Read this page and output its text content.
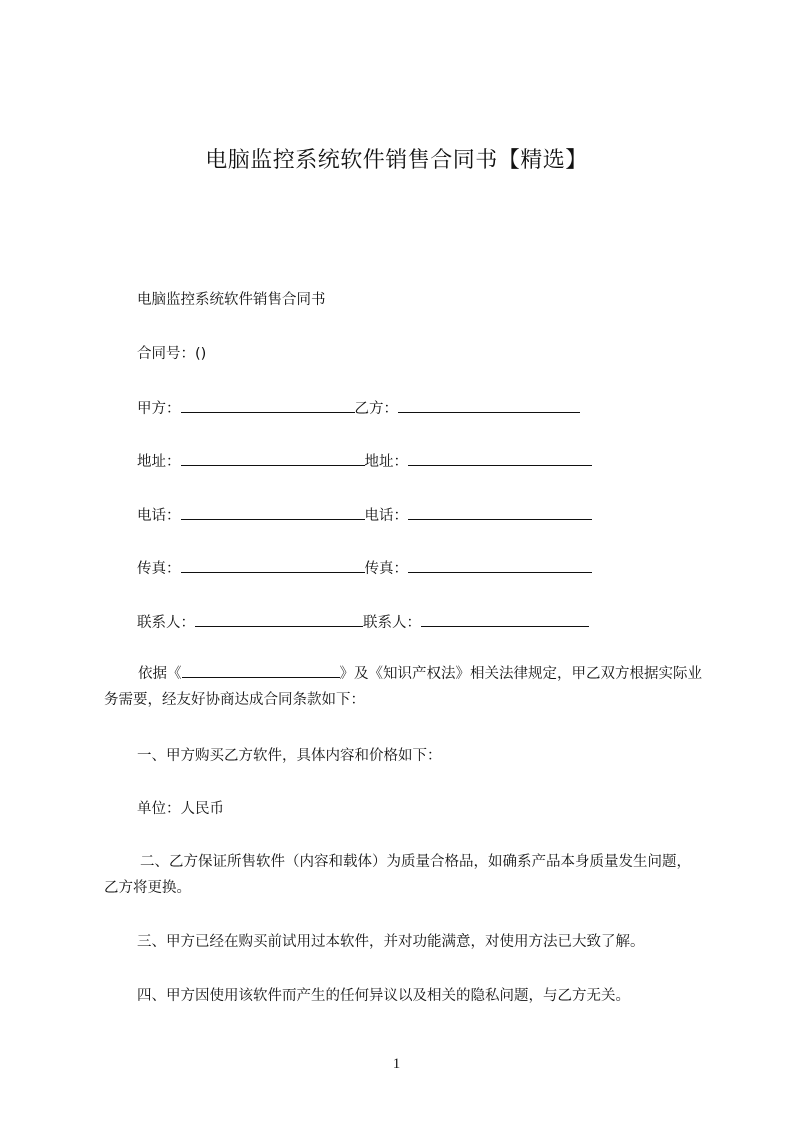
电脑监控系统软件销售合同书【精选】
电脑监控系统软件销售合同书
合同号：()
甲方：	乙方：
地址：	地址：
电话：	电话：
传真：	传真：
联系人：	联系人：

依据《	》及《知识产权法》相关法律规定，甲乙双方根据实际业务需要，经友好协商达成合同条款如下：

一、甲方购买乙方软件，具体内容和价格如下：
单位：人民币

二、乙方保证所售软件（内容和载体）为质量合格品，如确系产品本身质量发生问题，乙方将更换。

三、甲方已经在购买前试用过本软件，并对功能满意，对使用方法已大致了解。
四、甲方因使用该软件而产生的任何异议以及相关的隐私问题，与乙方无关。
1
